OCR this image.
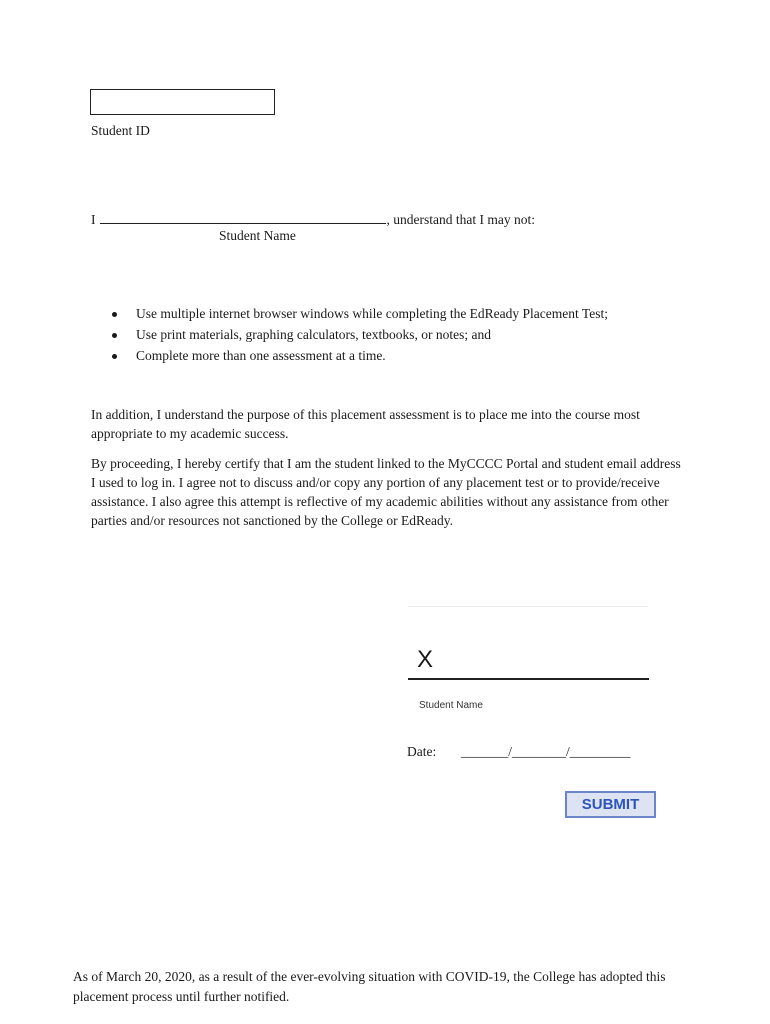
Student ID
I	, understand that I may not:
Student Name
Use multiple internet browser windows while completing the EdReady Placement Test;
Use print materials, graphing calculators, textbooks, or notes; and
Complete more than one assessment at a time.
In addition, I understand the purpose of this placement assessment is to place me into the course most appropriate to my academic success.
By proceeding, I hereby certify that I am the student linked to the MyCCCC Portal and student email address I used to log in. I agree not to discuss and/or copy any portion of any placement test or to provide/receive assistance. I also agree this attempt is reflective of my academic abilities without any assistance from other parties and/or resources not sanctioned by the College or EdReady.
X
Student Name
Date: _______/________/_________
SUBMIT
As of March 20, 2020, as a result of the ever-evolving situation with COVID-19, the College has adopted this placement process until further notified.
